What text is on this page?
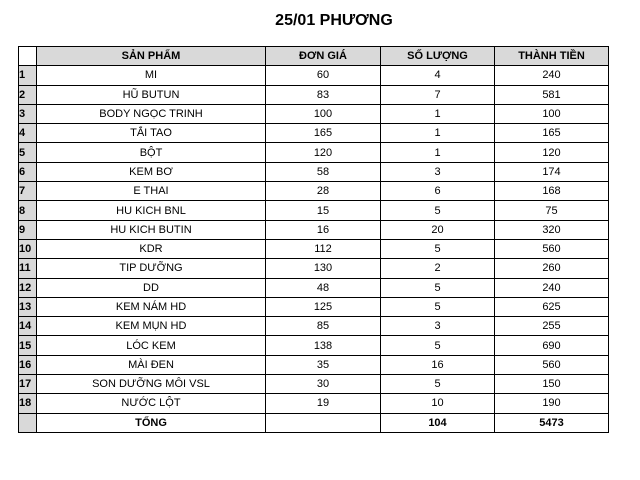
25/01 PHƯƠNG
	SẢN PHẨM	ĐƠN GIÁ	SỐ LƯỢNG	THÀNH TIỀN
1	MI	60	4	240
2	HŨ BUTUN	83	7	581
3	BODY NGỌC TRINH	100	1	100
4	TẮI TAO	165	1	165
5	BỘT	120	1	120
6	KEM BƠ	58	3	174
7	E THAI	28	6	168
8	HU KICH BNL	15	5	75
9	HU KICH BUTIN	16	20	320
10	KDR	112	5	560
11	TIP DƯỠNG	130	2	260
12	DD	48	5	240
13	KEM NÁM HD	125	5	625
14	KEM MỤN HD	85	3	255
15	LÓC KEM	138	5	690
16	MÀI ĐEN	35	16	560
17	SON DƯỠNG MÔI VSL	30	5	150
18	NƯỚC LỘT	19	10	190
	TỔNG		104	5473
